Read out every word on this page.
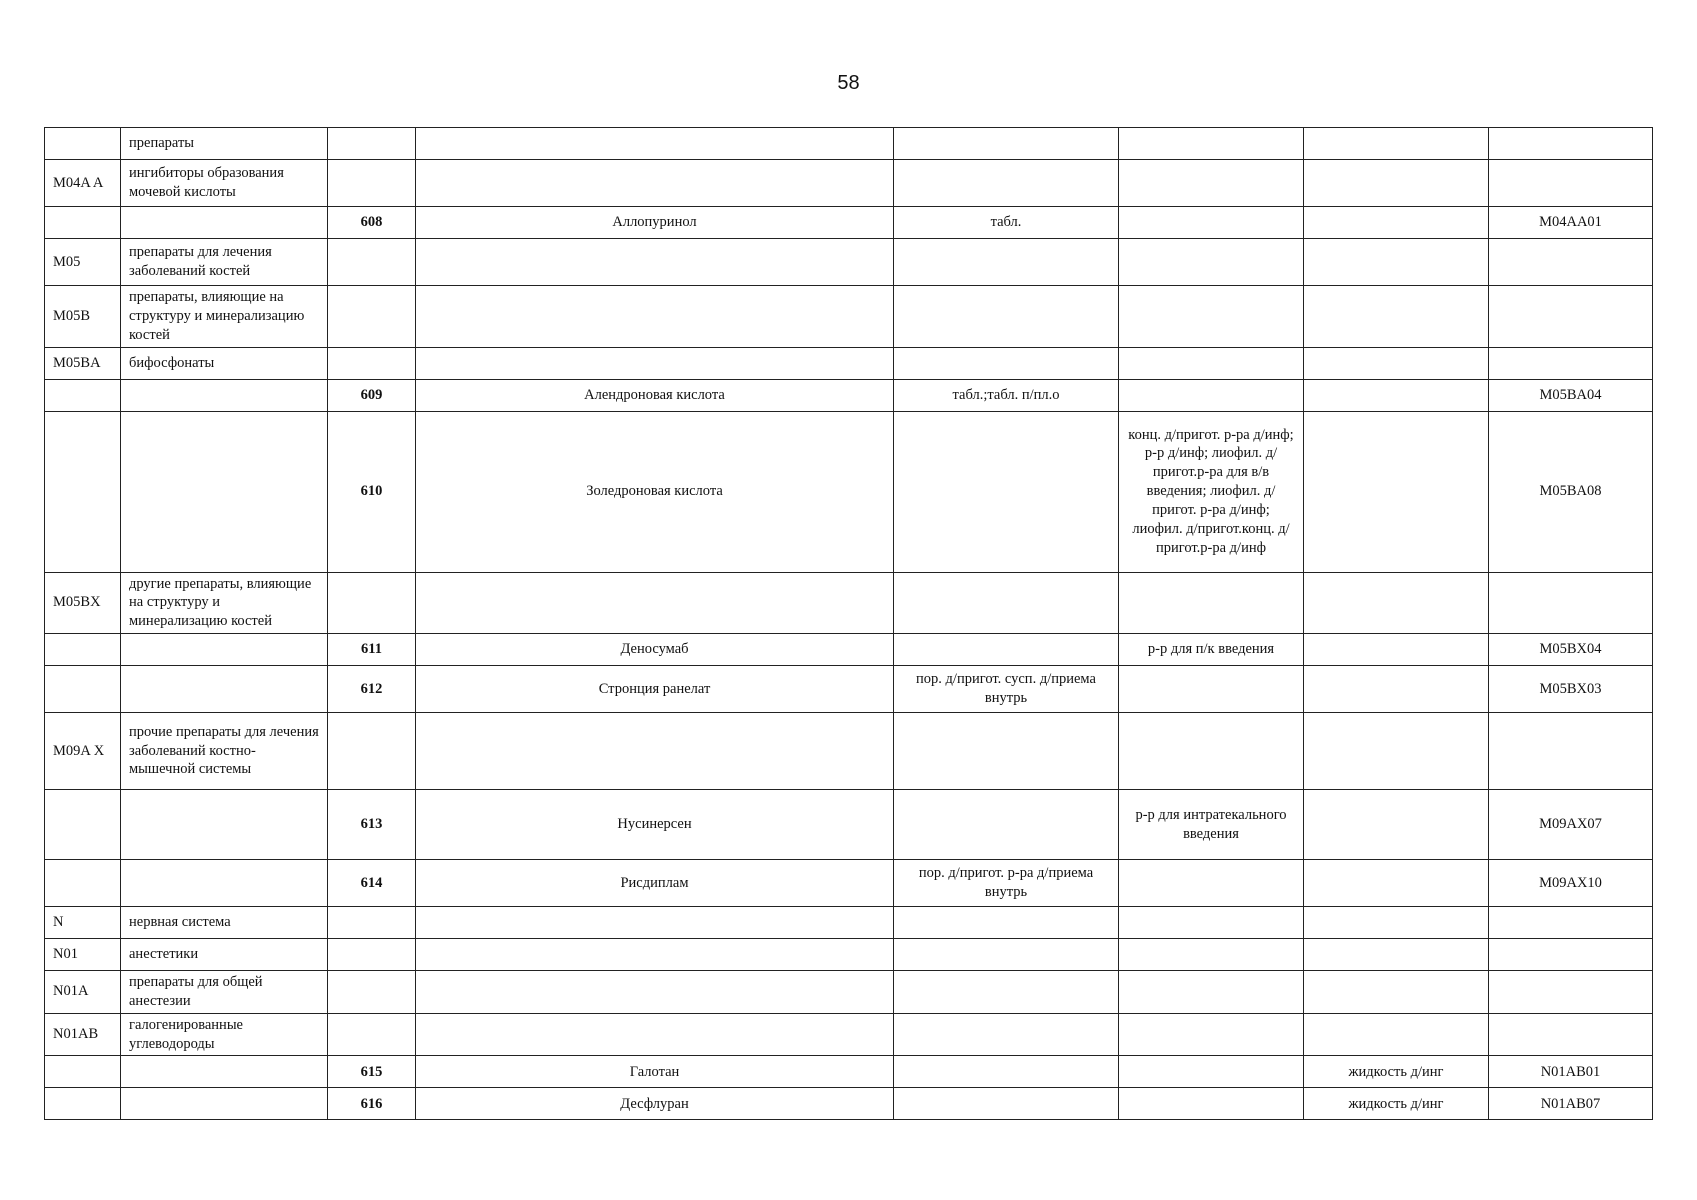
58
	препараты						
M04A A	ингибиторы образования мочевой кислоты						
		608	Аллопуринол	табл.			M04AA01
M05	препараты для лечения заболеваний костей						
M05B	препараты, влияющие на структуру и минерализацию костей						
M05BA	бифосфонаты						
		609	Алендроновая кислота	табл.;табл. п/пл.о			M05BA04
		610	Золедроновая кислота		конц. д/пригот. р-ра д/инф; р-р д/инф; лиофил. д/пригот.р-ра для в/в введения; лиофил. д/пригот. р-ра д/инф; лиофил. д/пригот.конц. д/пригот.р-ра д/инф		M05BA08
M05BX	другие препараты, влияющие на структуру и минерализацию костей						
		611	Деносумаб		р-р для п/к введения		M05BX04
		612	Стронция ранелат	пор. д/пригот. сусп. д/приема внутрь			M05BX03
M09A X	прочие препараты для лечения заболеваний костно-мышечной системы						
		613	Нусинерсен		р-р для интратекального введения		M09AX07
		614	Рисдиплам	пор. д/пригот. р-ра д/приема внутрь			M09AX10
N	нервная система						
N01	анестетики						
N01A	препараты для общей анестезии						
N01AB	галогенированные углеводороды						
		615	Галотан			жидкость д/инг	N01AB01
		616	Десфлуран			жидкость д/инг	N01AB07
